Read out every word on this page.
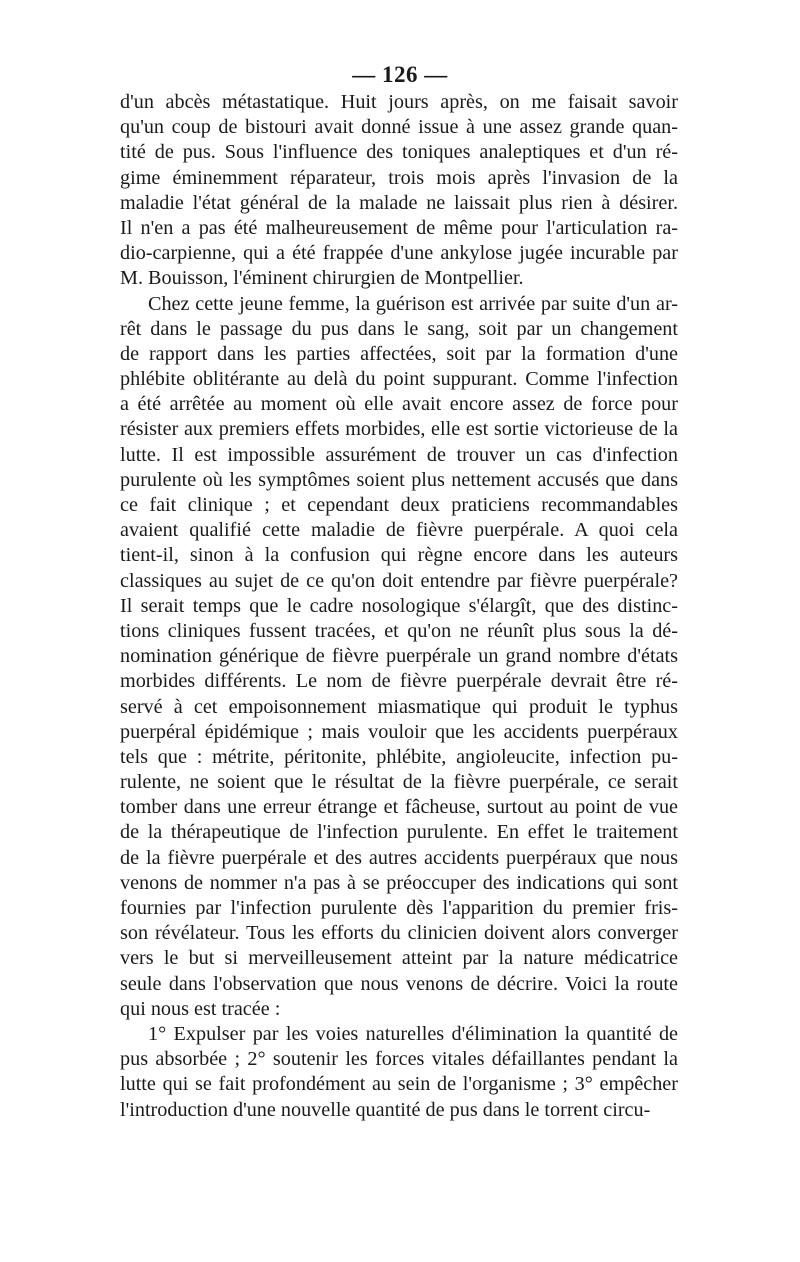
— 126 —

d'un abcès métastatique. Huit jours après, on me faisait savoir
qu'un coup de bistouri avait donné issue à une assez grande quan-
tité de pus. Sous l'influence des toniques analeptiques et d'un ré-
gime éminemment réparateur, trois mois après l'invasion de la
maladie l'état général de la malade ne laissait plus rien à désirer.
Il n'en a pas été malheureusement de même pour l'articulation ra-
dio-carpienne, qui a été frappée d'une ankylose jugée incurable par
M. Bouisson, l'éminent chirurgien de Montpellier.

Chez cette jeune femme, la guérison est arrivée par suite d'un ar-
rêt dans le passage du pus dans le sang, soit par un changement
de rapport dans les parties affectées, soit par la formation d'une
phlébite oblitérante au delà du point suppurant. Comme l'infection
a été arrêtée au moment où elle avait encore assez de force pour
résister aux premiers effets morbides, elle est sortie victorieuse de la
lutte. Il est impossible assurément de trouver un cas d'infection
purulente où les symptômes soient plus nettement accusés que dans
ce fait clinique ; et cependant deux praticiens recommandables
avaient qualifié cette maladie de fièvre puerpérale. A quoi cela
tient-il, sinon à la confusion qui règne encore dans les auteurs
classiques au sujet de ce qu'on doit entendre par fièvre puerpérale?
Il serait temps que le cadre nosologique s'élargît, que des distinc-
tions cliniques fussent tracées, et qu'on ne réunît plus sous la dé-
nomination générique de fièvre puerpérale un grand nombre d'états
morbides différents. Le nom de fièvre puerpérale devrait être ré-
servé à cet empoisonnement miasmatique qui produit le typhus
puerpéral épidémique ; mais vouloir que les accidents puerpéraux
tels que : métrite, péritonite, phlébite, angioleucite, infection pu-
rulente, ne soient que le résultat de la fièvre puerpérale, ce serait
tomber dans une erreur étrange et fâcheuse, surtout au point de vue
de la thérapeutique de l'infection purulente. En effet le traitement
de la fièvre puerpérale et des autres accidents puerpéraux que nous
venons de nommer n'a pas à se préoccuper des indications qui sont
fournies par l'infection purulente dès l'apparition du premier fris-
son révélateur. Tous les efforts du clinicien doivent alors converger
vers le but si merveilleusement atteint par la nature médicatrice
seule dans l'observation que nous venons de décrire. Voici la route
qui nous est tracée :

1° Expulser par les voies naturelles d'élimination la quantité de
pus absorbée ; 2° soutenir les forces vitales défaillantes pendant la
lutte qui se fait profondément au sein de l'organisme ; 3° empêcher
l'introduction d'une nouvelle quantité de pus dans le torrent circu-
